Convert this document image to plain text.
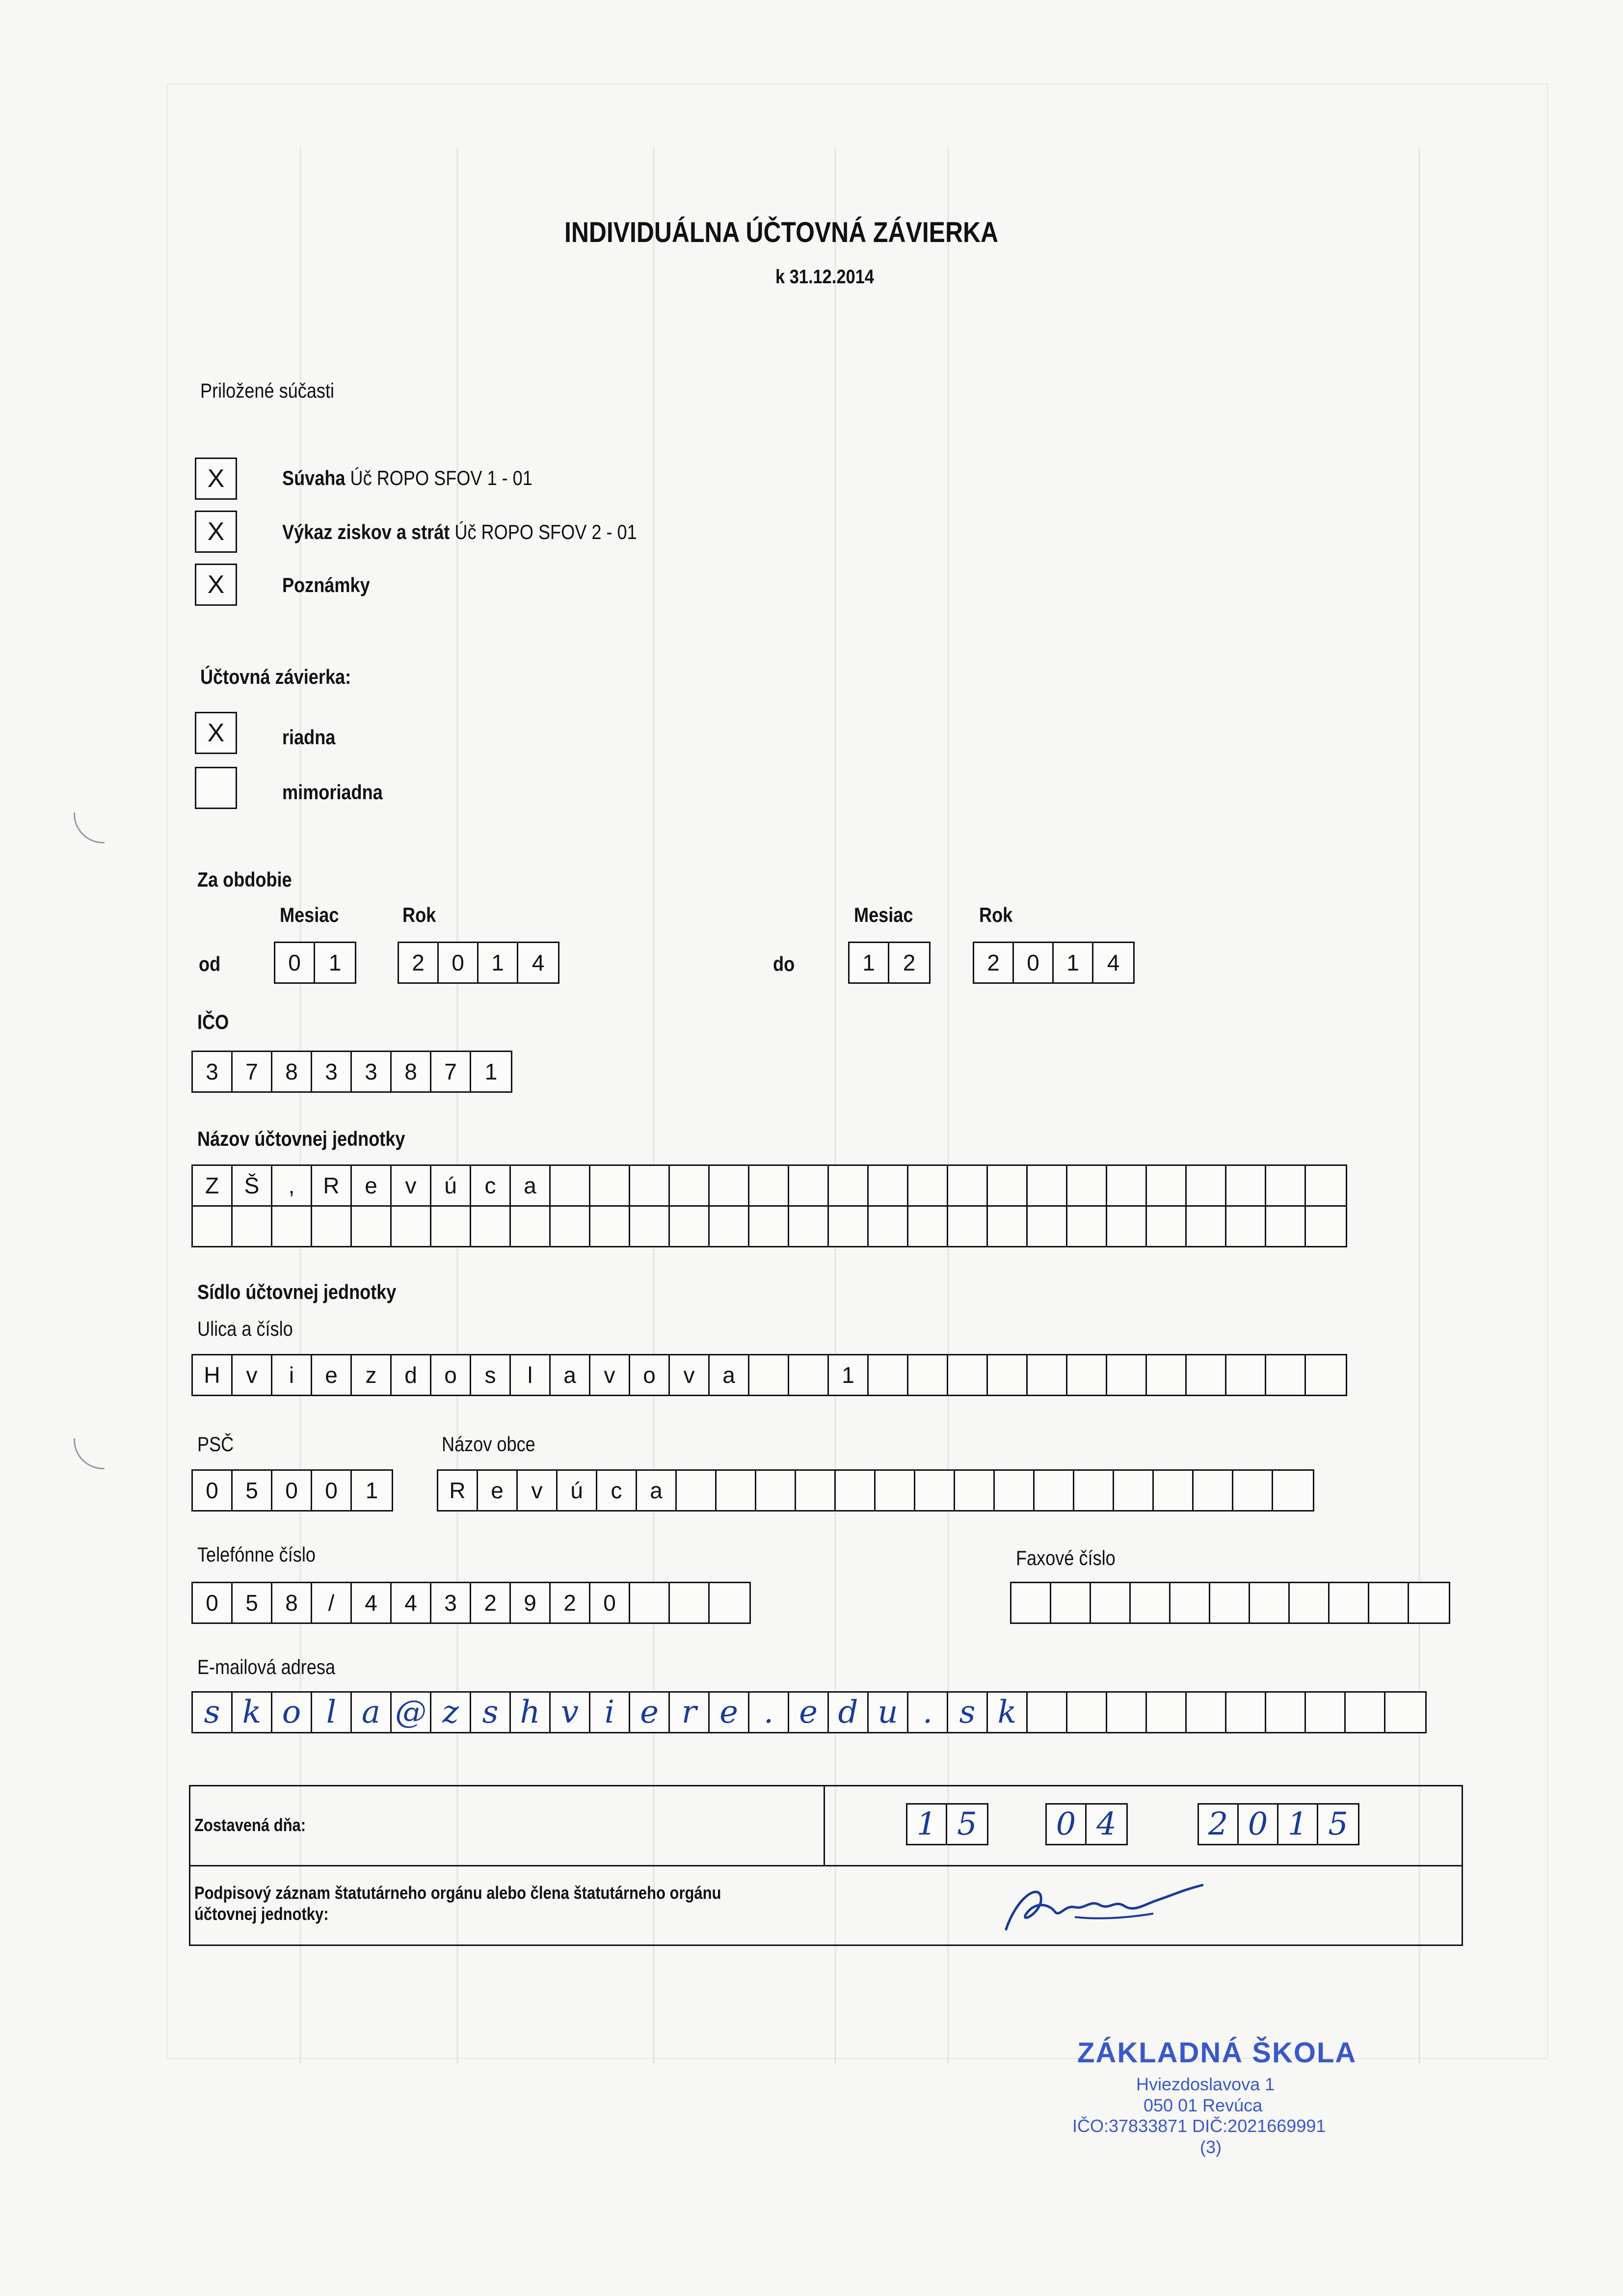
INDIVIDUÁLNA ÚČTOVNÁ ZÁVIERKA
k 31.12.2014
Priložené súčasti
X	Súvaha Úč ROPO SFOV 1 - 01
X	Výkaz ziskov a strát Úč ROPO SFOV 2 - 01
X	Poznámky
Účtovná závierka:
X	riadna
mimoriadna
Za obdobie
Mesiac	Rok
od	0	1	2	0	1	4
Mesiac	Rok
do	1	2	2	0	1	4
IČO
3	7	8	3	3	8	7	1
Názov účtovnej jednotky
Z	Š	,	R	e	v	ú	c	a
Sídlo účtovnej jednotky
Ulica a číslo
H	v	i	e	z	d	o	s	l	a	v	o	v	a	1
PSČ
0	5	0	0	1
Názov obce
R	e	v	ú	c	a
Telefónne číslo
0	5	8	/	4	4	3	2	9	2	0
Faxové číslo
E-mailová adresa
s k o l a @ z s h v i e r e . e d u . s k
Zostavená dňa:	1 5	0 4	2 0 1 5
Podpisový záznam štatutárneho orgánu alebo člena štatutárneho orgánu
účtovnej jednotky:
ZÁKLADNÁ ŠKOLA
Hviezdoslavova 1
050 01 Revúca
IČO:37833871 DIČ:2021669991
(3)
